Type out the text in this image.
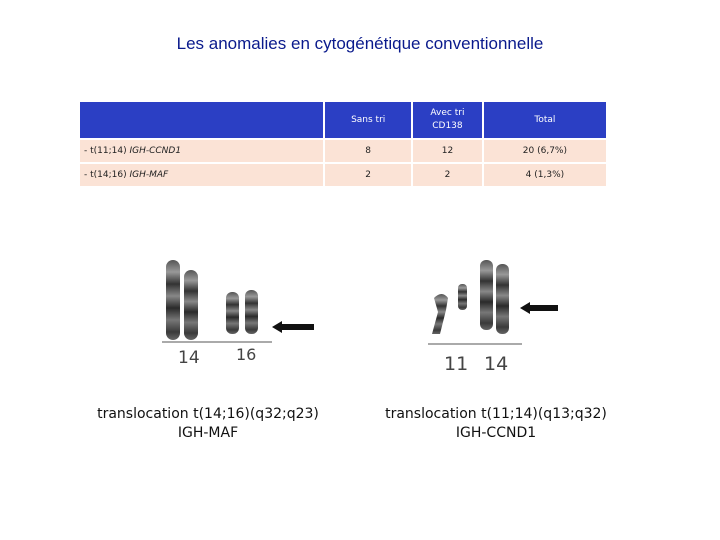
Les anomalies en cytogénétique conventionnelle
	Sans tri	Avec tri CD138	Total
- t(11;14) IGH-CCND1	8	12	20 (6,7%)
- t(14;16) IGH-MAF	2	2	4 (1,3%)
14 16	11 14
translocation t(14;16)(q32;q23)
IGH-MAF
translocation t(11;14)(q13;q32)
IGH-CCND1
